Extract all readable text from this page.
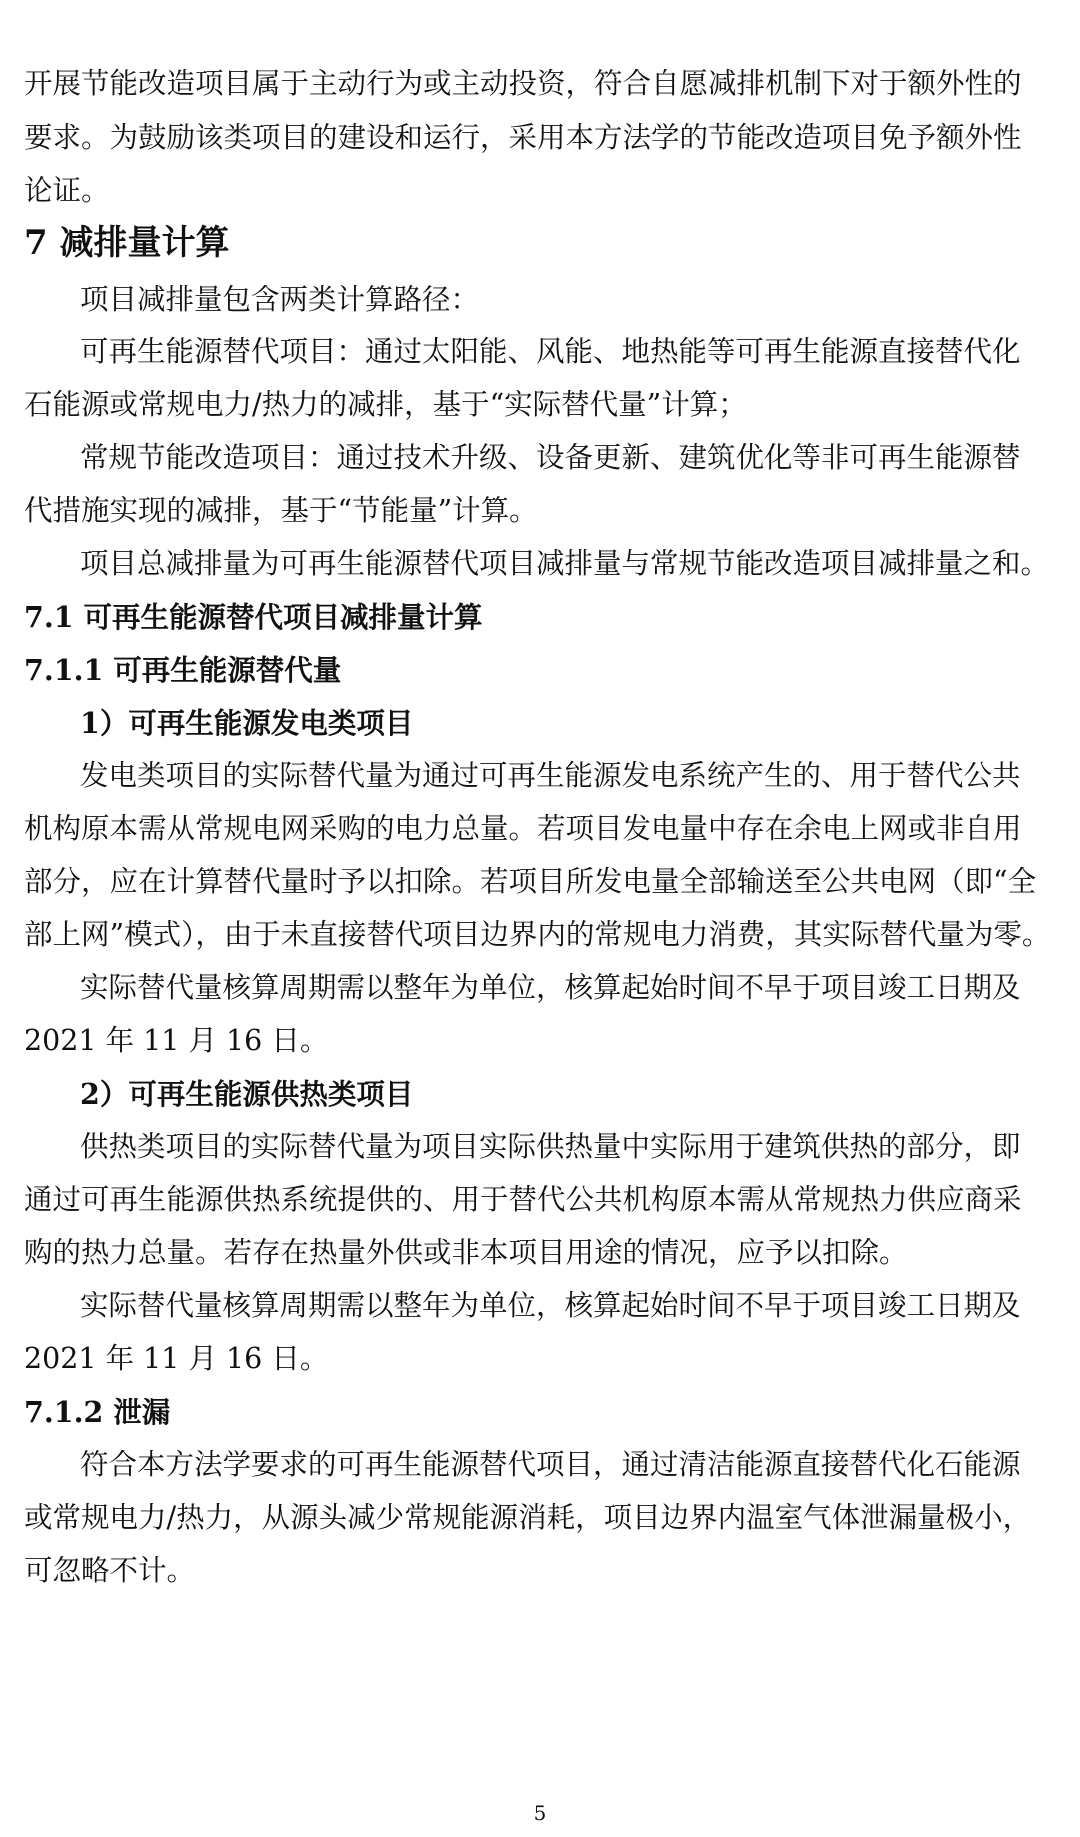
开展节能改造项目属于主动行为或主动投资，符合自愿减排机制下对于额外性的
要求。为鼓励该类项目的建设和运行，采用本方法学的节能改造项目免予额外性
论证。
7 减排量计算
项目减排量包含两类计算路径：
可再生能源替代项目：通过太阳能、风能、地热能等可再生能源直接替代化
石能源或常规电力/热力的减排，基于“实际替代量”计算；
常规节能改造项目：通过技术升级、设备更新、建筑优化等非可再生能源替
代措施实现的减排，基于“节能量”计算。
项目总减排量为可再生能源替代项目减排量与常规节能改造项目减排量之和。
7.1 可再生能源替代项目减排量计算
7.1.1 可再生能源替代量
1）可再生能源发电类项目
发电类项目的实际替代量为通过可再生能源发电系统产生的、用于替代公共
机构原本需从常规电网采购的电力总量。若项目发电量中存在余电上网或非自用
部分，应在计算替代量时予以扣除。若项目所发电量全部输送至公共电网（即“全
部上网”模式），由于未直接替代项目边界内的常规电力消费，其实际替代量为零。
实际替代量核算周期需以整年为单位，核算起始时间不早于项目竣工日期及
2021 年 11 月 16 日。
2）可再生能源供热类项目
供热类项目的实际替代量为项目实际供热量中实际用于建筑供热的部分，即
通过可再生能源供热系统提供的、用于替代公共机构原本需从常规热力供应商采
购的热力总量。若存在热量外供或非本项目用途的情况，应予以扣除。
实际替代量核算周期需以整年为单位，核算起始时间不早于项目竣工日期及
2021 年 11 月 16 日。
7.1.2 泄漏
符合本方法学要求的可再生能源替代项目，通过清洁能源直接替代化石能源
或常规电力/热力，从源头减少常规能源消耗，项目边界内温室气体泄漏量极小，
可忽略不计。
5
